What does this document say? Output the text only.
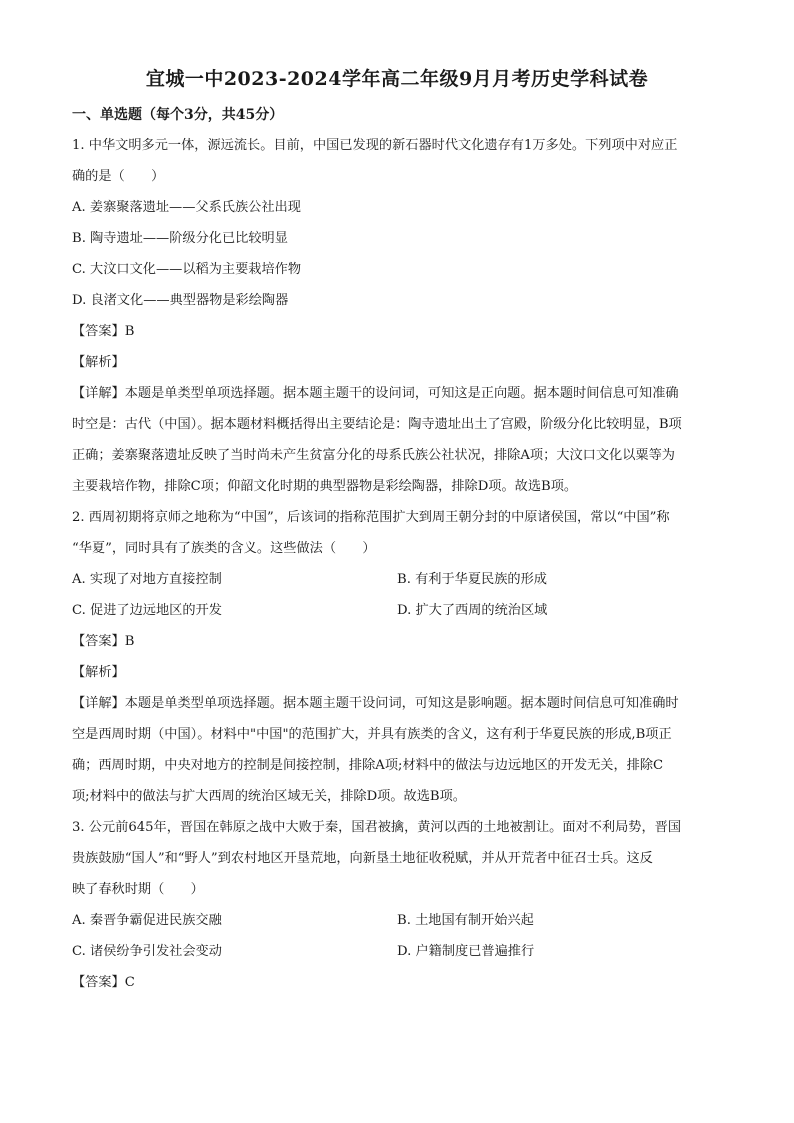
宜城一中2023-2024学年高二年级9月月考历史学科试卷
一、单选题（每个3分，共45分）
1. 中华文明多元一体，源远流长。目前，中国已发现的新石器时代文化遗存有1万多处。下列项中对应正
确的是（　　）
A. 姜寨聚落遗址——父系氏族公社出现
B. 陶寺遗址——阶级分化已比较明显
C. 大汶口文化——以稻为主要栽培作物
D. 良渚文化——典型器物是彩绘陶器
【答案】B
【解析】
【详解】本题是单类型单项选择题。据本题主题干的设问词，可知这是正向题。据本题时间信息可知准确
时空是：古代（中国）。据本题材料概括得出主要结论是：陶寺遗址出土了宫殿，阶级分化比较明显，B项
正确；姜寨聚落遗址反映了当时尚未产生贫富分化的母系氏族公社状况，排除A项；大汶口文化以粟等为
主要栽培作物，排除C项；仰韶文化时期的典型器物是彩绘陶器，排除D项。故选B项。
2. 西周初期将京师之地称为“中国”，后该词的指称范围扩大到周王朝分封的中原诸侯国，常以“中国”称
“华夏”，同时具有了族类的含义。这些做法（　　）
A. 实现了对地方直接控制	B. 有利于华夏民族的形成
C. 促进了边远地区的开发	D. 扩大了西周的统治区域
【答案】B
【解析】
【详解】本题是单类型单项选择题。据本题主题干设问词，可知这是影响题。据本题时间信息可知准确时
空是西周时期（中国）。材料中"中国"的范围扩大，并具有族类的含义，这有利于华夏民族的形成,B项正
确；西周时期，中央对地方的控制是间接控制，排除A项;材料中的做法与边远地区的开发无关，排除C
项;材料中的做法与扩大西周的统治区域无关，排除D项。故选B项。
3. 公元前645年，晋国在韩原之战中大败于秦，国君被擒，黄河以西的土地被割让。面对不利局势，晋国
贵族鼓励“国人”和“野人”到农村地区开垦荒地，向新垦土地征收税赋，并从开荒者中征召士兵。这反
映了春秋时期（　　）
A. 秦晋争霸促进民族交融	B. 土地国有制开始兴起
C. 诸侯纷争引发社会变动	D. 户籍制度已普遍推行
【答案】C
